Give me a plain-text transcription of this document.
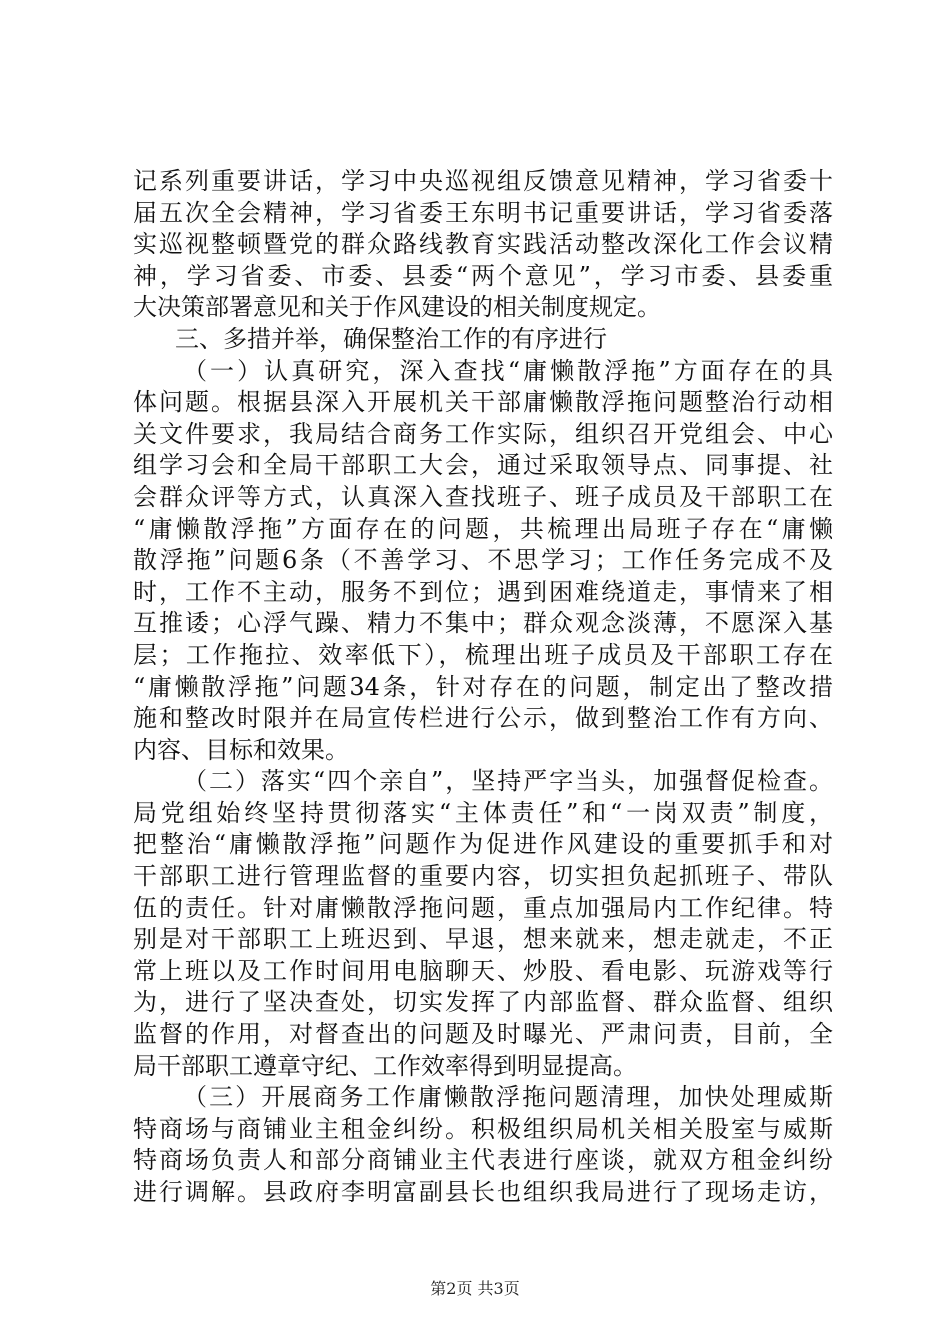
记系列重要讲话，学习中央巡视组反馈意见精神，学习省委十
届五次全会精神，学习省委王东明书记重要讲话，学习省委落
实巡视整顿暨党的群众路线教育实践活动整改深化工作会议精
神，学习省委、市委、县委“两个意见”，学习市委、县委重
大决策部署意见和关于作风建设的相关制度规定。
三、多措并举，确保整治工作的有序进行
（一）认真研究，深入查找“庸懒散浮拖”方面存在的具
体问题。根据县深入开展机关干部庸懒散浮拖问题整治行动相
关文件要求，我局结合商务工作实际，组织召开党组会、中心
组学习会和全局干部职工大会，通过采取领导点、同事提、社
会群众评等方式，认真深入查找班子、班子成员及干部职工在
“庸懒散浮拖”方面存在的问题，共梳理出局班子存在“庸懒
散浮拖”问题6条（不善学习、不思学习；工作任务完成不及
时，工作不主动，服务不到位；遇到困难绕道走，事情来了相
互推诿；心浮气躁、精力不集中；群众观念淡薄，不愿深入基
层；工作拖拉、效率低下），梳理出班子成员及干部职工存在
“庸懒散浮拖”问题34条，针对存在的问题，制定出了整改措
施和整改时限并在局宣传栏进行公示，做到整治工作有方向、
内容、目标和效果。
（二）落实“四个亲自”，坚持严字当头，加强督促检查。
局党组始终坚持贯彻落实“主体责任”和“一岗双责”制度，
把整治“庸懒散浮拖”问题作为促进作风建设的重要抓手和对
干部职工进行管理监督的重要内容，切实担负起抓班子、带队
伍的责任。针对庸懒散浮拖问题，重点加强局内工作纪律。特
别是对干部职工上班迟到、早退，想来就来，想走就走，不正
常上班以及工作时间用电脑聊天、炒股、看电影、玩游戏等行
为，进行了坚决查处，切实发挥了内部监督、群众监督、组织
监督的作用，对督查出的问题及时曝光、严肃问责，目前，全
局干部职工遵章守纪、工作效率得到明显提高。
（三）开展商务工作庸懒散浮拖问题清理，加快处理威斯
特商场与商铺业主租金纠纷。积极组织局机关相关股室与威斯
特商场负责人和部分商铺业主代表进行座谈，就双方租金纠纷
进行调解。县政府李明富副县长也组织我局进行了现场走访，
第2页 共3页
